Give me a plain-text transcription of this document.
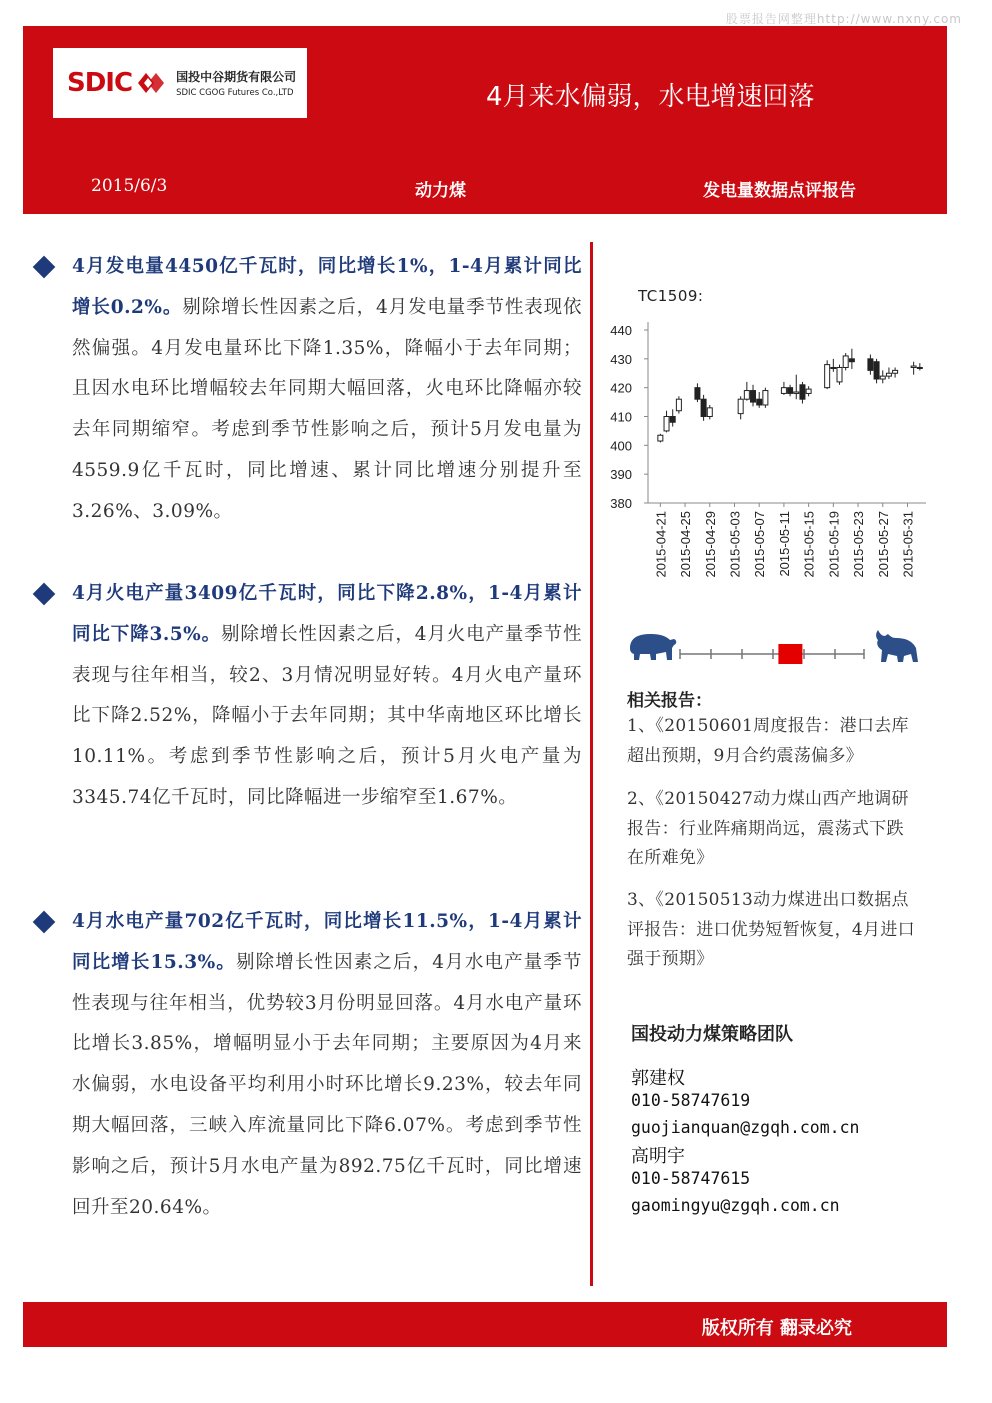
股票报告网整理http://www.nxny.com
SDIC	国投中谷期货有限公司
SDIC CGOG Futures Co.,LTD	4月来水偏弱，水电增速回落
2015/6/3	动力煤	发电量数据点评报告
4月发电量4450亿千瓦时，同比增长1%，1-4月累计同比增长0.2%。剔除增长性因素之后，4月发电量季节性表现依然偏强。4月发电量环比下降1.35%，降幅小于去年同期；且因水电环比增幅较去年同期大幅回落，火电环比降幅亦较去年同期缩窄。考虑到季节性影响之后，预计5月发电量为4559.9亿千瓦时，同比增速、累计同比增速分别提升至3.26%、3.09%。
4月火电产量3409亿千瓦时，同比下降2.8%，1-4月累计同比下降3.5%。剔除增长性因素之后，4月火电产量季节性表现与往年相当，较2、3月情况明显好转。4月火电产量环比下降2.52%，降幅小于去年同期；其中华南地区环比增长10.11%。考虑到季节性影响之后，预计5月火电产量为3345.74亿千瓦时，同比降幅进一步缩窄至1.67%。
4月水电产量702亿千瓦时，同比增长11.5%，1-4月累计同比增长15.3%。剔除增长性因素之后，4月水电产量季节性表现与往年相当，优势较3月份明显回落。4月水电产量环比增长3.85%，增幅明显小于去年同期；主要原因为4月来水偏弱，水电设备平均利用小时环比增长9.23%，较去年同期大幅回落，三峡入库流量同比下降6.07%。考虑到季节性影响之后，预计5月水电产量为892.75亿千瓦时，同比增速回升至20.64%。
TC1509:
380
390
400
410
420
430
440
2015-04-21 2015-04-25 2015-04-29 2015-05-03 2015-05-07 2015-05-11 2015-05-15 2015-05-19 2015-05-23 2015-05-27 2015-05-31
相关报告：
1、《20150601周度报告：港口去库超出预期，9月合约震荡偏多》
2、《20150427动力煤山西产地调研报告：行业阵痛期尚远，震荡式下跌在所难免》
3、《20150513动力煤进出口数据点评报告：进口优势短暂恢复，4月进口强于预期》
国投动力煤策略团队
郭建权
010-58747619
guojianquan@zgqh.com.cn
高明宇
010-58747615
gaomingyu@zgqh.com.cn
版权所有 翻录必究
